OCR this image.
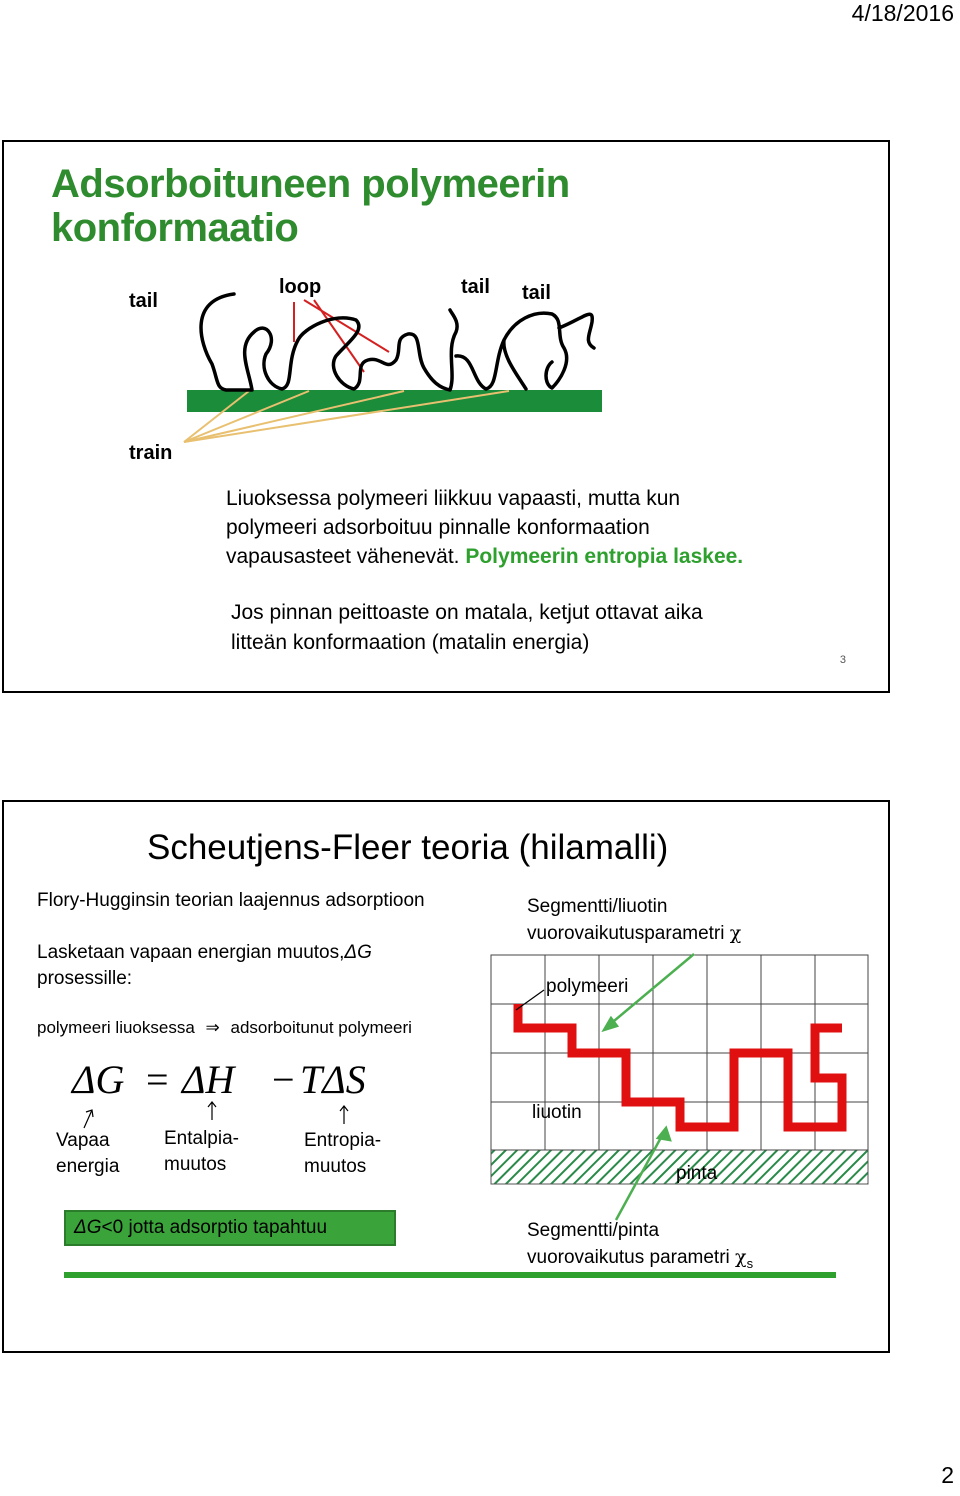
4/18/2016
Adsorboituneen polymeerin
konformaatio
tail
loop	tail tail
train
Liuoksessa polymeeri liikkuu vapaasti, mutta kun
polymeeri adsorboituu pinnalle konformaation
vapausasteet vähenevät. Polymeerin entropia laskee.
Jos pinnan peittoaste on matala, ketjut ottavat aika
litteän konformaation (matalin energia)
3
Scheutjens-Fleer teoria (hilamalli)
Flory-Hugginsin teorian laajennus adsorptioon
Lasketaan vapaan energian muutos,ΔG
prosessille:
polymeeri liuoksessa ⇒ adsorboitunut polymeeri
ΔG = ΔH − TΔS
Vapaa
energia
Entalpia-
muutos
Entropia-
muutos
ΔG<0 jotta adsorptio tapahtuu
Segmentti/liuotin
vuorovaikutusparametri χ
polymeeri
liuotin
pinta
Segmentti/pinta
vuorovaikutus parametri $\chi_s$
2
